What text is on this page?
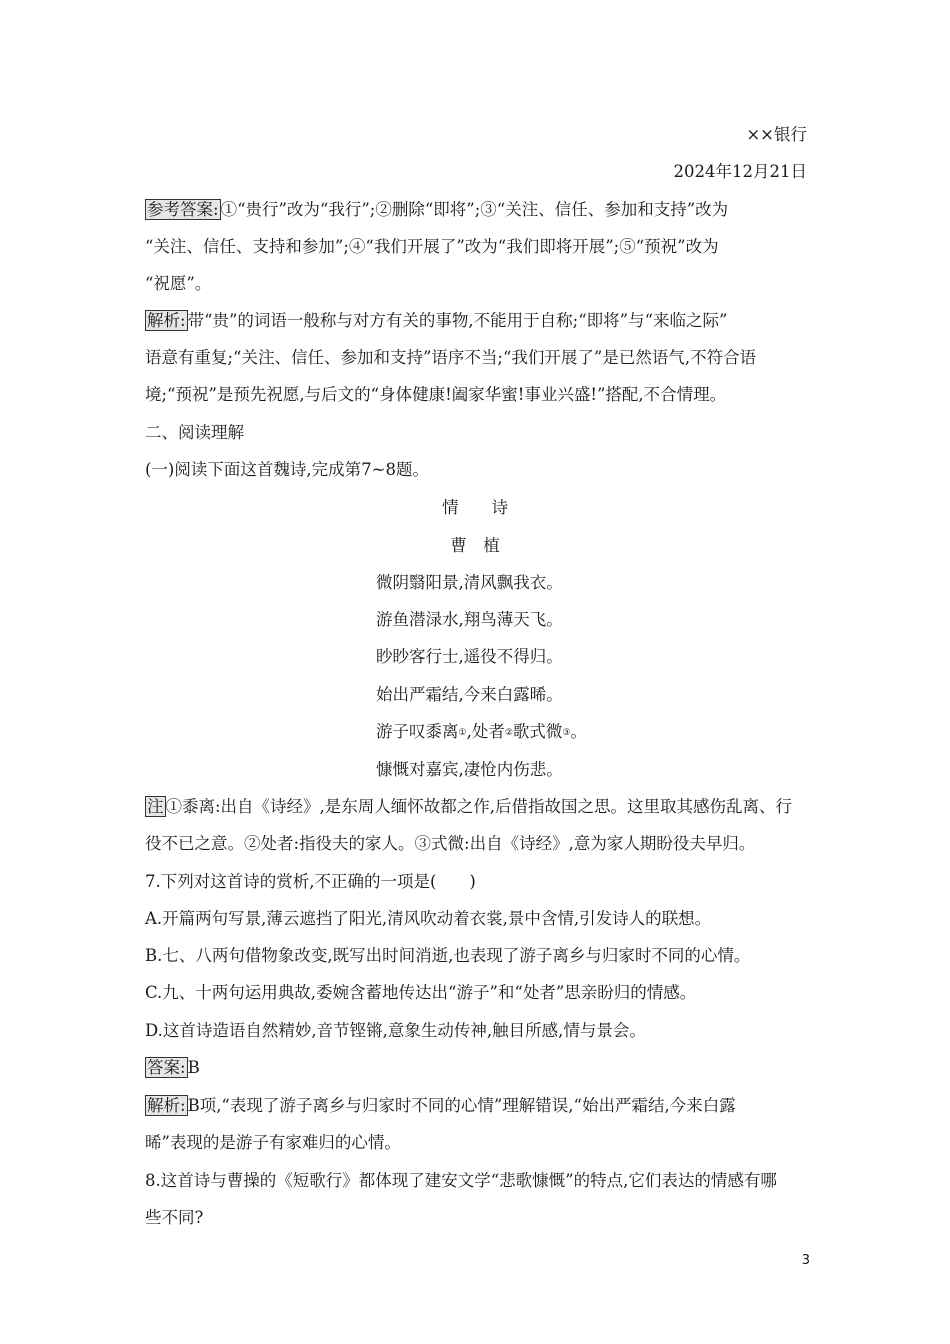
××银行
2024年12月21日
参考答案: ①“贵行”改为“我行”;②删除“即将”;③“关注、信任、参加和支持”改为
“关注、信任、支持和参加”;④“我们开展了”改为“我们即将开展”;⑤“预祝”改为
“祝愿”。
解析: 带“贵”的词语一般称与对方有关的事物,不能用于自称;“即将”与“来临之际”
语意有重复;“关注、信任、参加和支持”语序不当;“我们开展了”是已然语气,不符合语
境;“预祝”是预先祝愿,与后文的“身体健康!阖家华蜜!事业兴盛!”搭配,不合情理。
二、阅读理解
(一)阅读下面这首魏诗,完成第7~8题。
情　　诗
曹　植
微阴翳阳景,清风飘我衣。
游鱼潜渌水,翔鸟薄天飞。
眇眇客行士,遥役不得归。
始出严霜结,今来白露晞。
游子叹黍离①,处者②歌式微③。
慷慨对嘉宾,凄怆内伤悲。
注 ①黍离:出自《诗经》,是东周人缅怀故都之作,后借指故国之思。这里取其感伤乱离、行
役不已之意。②处者:指役夫的家人。③式微:出自《诗经》,意为家人期盼役夫早归。
7.下列对这首诗的赏析,不正确的一项是(　　)
A.开篇两句写景,薄云遮挡了阳光,清风吹动着衣裳,景中含情,引发诗人的联想。
B.七、八两句借物象改变,既写出时间消逝,也表现了游子离乡与归家时不同的心情。
C.九、十两句运用典故,委婉含蓄地传达出“游子”和“处者”思亲盼归的情感。
D.这首诗造语自然精妙,音节铿锵,意象生动传神,触目所感,情与景会。
答案: B
解析: B项,“表现了游子离乡与归家时不同的心情”理解错误,“始出严霜结,今来白露
晞”表现的是游子有家难归的心情。
8.这首诗与曹操的《短歌行》都体现了建安文学“悲歌慷慨”的特点,它们表达的情感有哪
些不同?
3
